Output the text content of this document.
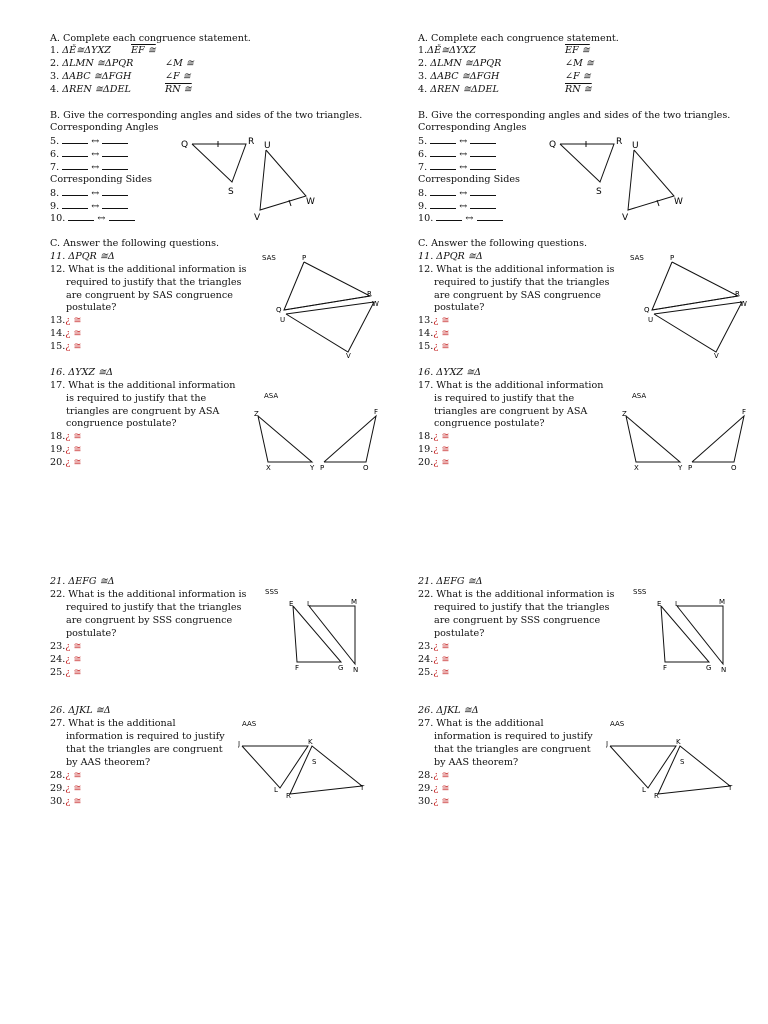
A. Complete each congruence statement.
1. ΔĚ≅ΔYXZ EF ≅
2. ΔLMN ≅ΔPQR	∠M ≅
3. ΔABC ≅ΔFGH	∠F ≅
4. ΔREN ≅ΔDEL	RN ≅
B. Give the corresponding angles and sides of the two triangles.
Corresponding Angles
5.	↔
6.	↔
7.	↔
Corresponding Sides
8.	↔
9.	↔
10.	↔
Q	R
S
U
V
W
C. Answer the following questions.
11. ΔPQR ≅Δ
12. What is the additional information is
required to justify that the triangles
are congruent by SAS congruence
postulate?
13.¿ ≅
14.¿ ≅
15.¿ ≅
SAS	P
R
Q
W
U
V
16. ΔYXZ ≅Δ
17. What is the additional information
is required to justify that the
triangles are congruent by ASA
congruence postulate?
18.¿ ≅
19.¿ ≅
20.¿ ≅
ASA
Z	F
X	Y P	O
21. ΔEFG ≅Δ
22. What is the additional information is
required to justify that the triangles
are congruent by SSS congruence
postulate?
23.¿ ≅
24.¿ ≅
25.¿ ≅
SSS
E L	M
F	G N
26. ΔJKL ≅Δ
27. What is the additional
information is required to justify
that the triangles are congruent
by AAS theorem?
28.¿ ≅
29.¿ ≅
30.¿ ≅
AAS
J	K
S
L
R
T
A. Complete each congruence statement.
1.ΔĚ≅ΔYXZ	EF ≅
2. ΔLMN ≅ΔPQR	∠M ≅
3. ΔABC ≅ΔFGH	∠F ≅
4. ΔREN ≅ΔDEL	RN ≅
B. Give the corresponding angles and sides of the two triangles.
Corresponding Angles
5.	↔
6.	↔
7.	↔
Corresponding Sides
8.	↔
9.	↔
10.	↔
Q	R
S
U
V
W
C. Answer the following questions.
11. ΔPQR ≅Δ
12. What is the additional information is
required to justify that the triangles
are congruent by SAS congruence
postulate?
13.¿ ≅
14.¿ ≅
15.¿ ≅
SAS	P
R
Q
W
U
V
16. ΔYXZ ≅Δ
17. What is the additional information
is required to justify that the
triangles are congruent by ASA
congruence postulate?
18.¿ ≅
19.¿ ≅
20.¿ ≅
ASA
Z	F
X	Y P	O
21. ΔEFG ≅Δ
22. What is the additional information is
required to justify that the triangles
are congruent by SSS congruence
postulate?
23.¿ ≅
24.¿ ≅
25.¿ ≅
SSS
E L	M
F	G N
26. ΔJKL ≅Δ
27. What is the additional
information is required to justify
that the triangles are congruent
by AAS theorem?
28.¿ ≅
29.¿ ≅
30.¿ ≅
AAS
J	K
S
L
R
T
